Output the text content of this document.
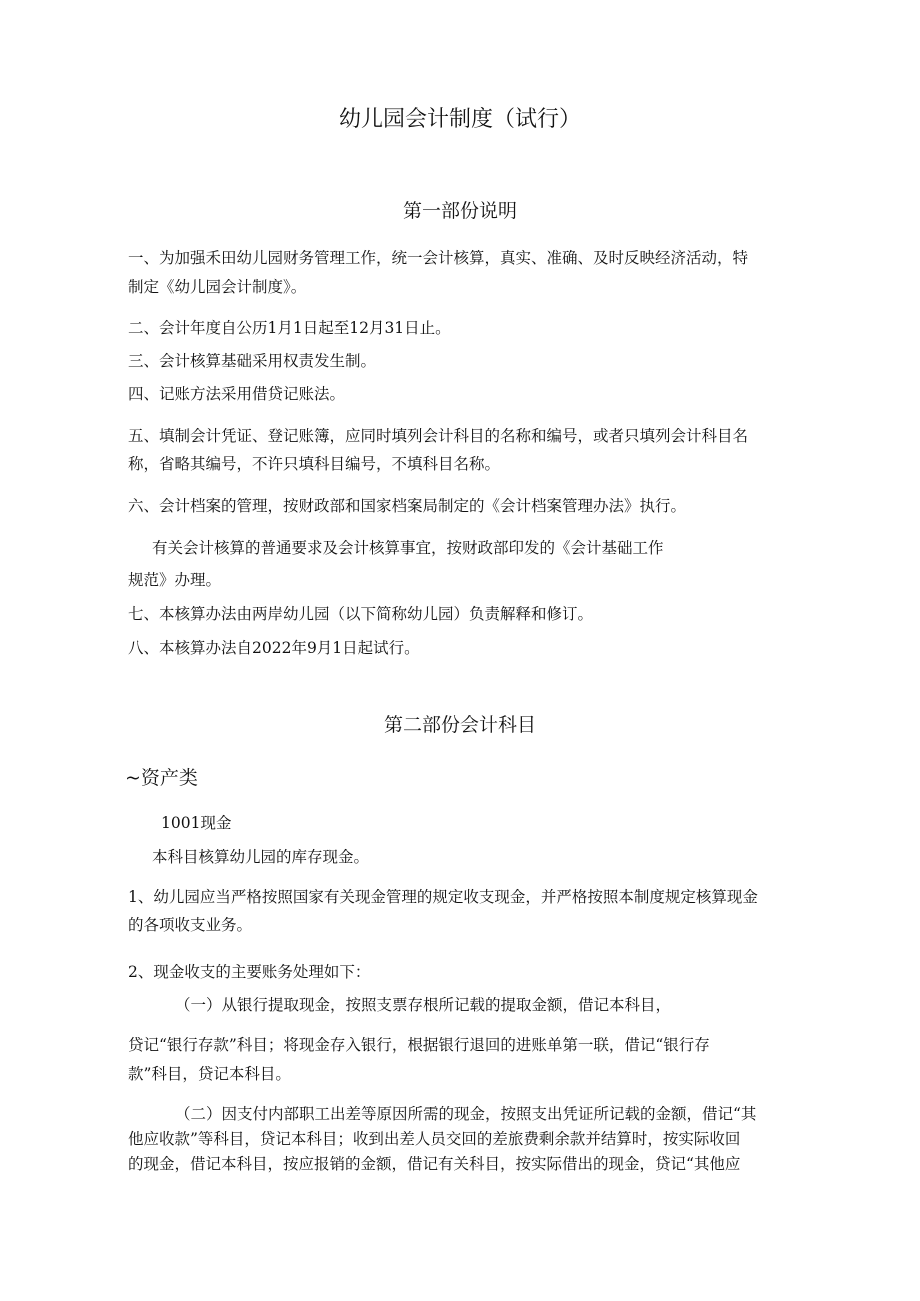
幼儿园会计制度（试行）
第一部份说明
一、为加强禾田幼儿园财务管理工作，统一会计核算，真实、准确、及时反映经济活动，特
制定《幼儿园会计制度》。
二、会计年度自公历1月1日起至12月31日止。
三、会计核算基础采用权责发生制。
四、记账方法采用借贷记账法。
五、填制会计凭证、登记账簿，应同时填列会计科目的名称和编号，或者只填列会计科目名
称，省略其编号，不许只填科目编号，不填科目名称。
六、会计档案的管理，按财政部和国家档案局制定的《会计档案管理办法》执行。
有关会计核算的普通要求及会计核算事宜，按财政部印发的《会计基础工作
规范》办理。
七、本核算办法由两岸幼儿园（以下简称幼儿园）负责解释和修订。
八、本核算办法自2022年9月1日起试行。
第二部份会计科目
~资产类
1001现金
本科目核算幼儿园的库存现金。
1、幼儿园应当严格按照国家有关现金管理的规定收支现金，并严格按照本制度规定核算现金
的各项收支业务。
2、现金收支的主要账务处理如下：
（一）从银行提取现金，按照支票存根所记载的提取金额，借记本科目，
贷记“银行存款”科目；将现金存入银行，根据银行退回的进账单第一联，借记“银行存
款”科目，贷记本科目。
（二）因支付内部职工出差等原因所需的现金，按照支出凭证所记载的金额，借记“其
他应收款”等科目，贷记本科目；收到出差人员交回的差旅费剩余款并结算时，按实际收回
的现金，借记本科目，按应报销的金额，借记有关科目，按实际借出的现金，贷记“其他应
